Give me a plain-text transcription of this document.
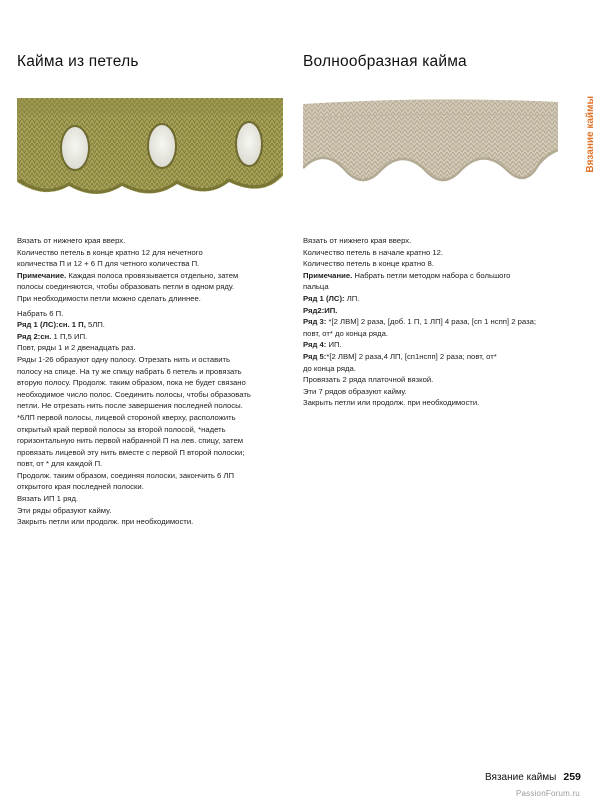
Кайма из петель	Волнообразная кайма
Вязание каймы
Вязать от нижнего края вверх.
Количество петель в конце кратно 12 для нечетного
количества П и 12 + 6 П для четного количества П.
Примечание. Каждая полоса провязывается отдельно, затем
полосы соединяются, чтобы образовать петли в одном ряду.
При необходимости петли можно сделать длиннее.
Набрать 6 П.
Ряд 1 (ЛС):сн. 1 П, 5ЛП.
Ряд 2:сн. 1 П,5 ИП.
Повт, ряды 1 и 2 двенадцать раз.
Ряды 1-26 образуют одну полосу. Отрезать нить и оставить
полосу на спице. На ту же спицу набрать 6 петель и провязать
вторую полосу. Продолж. таким образом, пока не будет связано
необходимое число полос. Соединить полосы, чтобы образовать
петли. Не отрезать нить после завершения последней полосы.
*6ЛП первой полосы, лицевой стороной кверху, расположить
открытый край первой полосы за второй полосой, *надеть
горизонтальную нить первой набранной П на лев. спицу, затем
провязать лицевой эту нить вместе с первой П второй полоски;
повт, от * для каждой П.
Продолж. таким образом, соединяя полоски, закончить 6 ЛП
открытого края последней полоски.
Вязать ИП 1 ряд.
Эти ряды образуют кайму.
Закрыть петли или продолж. при необходимости.
Вязать от нижнего края вверх.
Количество петель в начале кратно 12.
Количество петель в конце кратно 8.
Примечание. Набрать петли методом набора с большого
пальца
Ряд 1 (ЛС): ЛП.
Ряд2:ИП.
Ряд 3: *[2 ЛВМ] 2 раза, [доб. 1 П, 1 ЛП] 4 раза, [сп 1 нспп] 2 раза;
повт, от* до конца ряда.
Ряд 4: ИП.
Ряд 5:*[2 ЛВМ] 2 раза,4 ЛП, [сп1нспп] 2 раза; повт, от*
до конца ряда.
Провязать 2 ряда платочной вязкой.
Эти 7 рядов образуют кайму.
Закрыть петли или продолж. при необходимости.
Вязание каймы 259
PassionForum.ru
